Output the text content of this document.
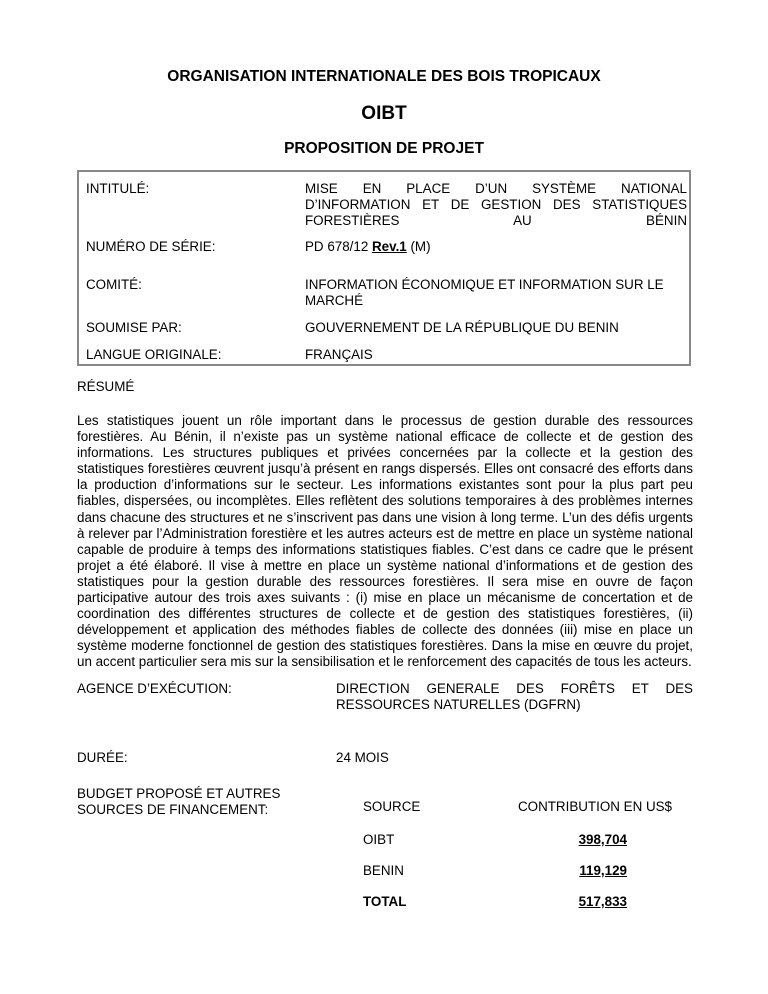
ORGANISATION INTERNATIONALE DES BOIS TROPICAUX
OIBT
PROPOSITION DE PROJET
INTITULÉ:	MISE EN PLACE D’UN SYSTÈME NATIONAL D’INFORMATION ET DE GESTION DES STATISTIQUES FORESTIÈRES AU BÉNIN
NUMÉRO DE SÉRIE:	PD 678/12 Rev.1 (M)
COMITÉ:	INFORMATION ÉCONOMIQUE ET INFORMATION SUR LE MARCHÉ
SOUMISE PAR:	GOUVERNEMENT DE LA RÉPUBLIQUE DU BENIN
LANGUE ORIGINALE:	FRANÇAIS
RÉSUMÉ

Les statistiques jouent un rôle important dans le processus de gestion durable des ressources forestières. Au Bénin, il n’existe pas un système national efficace de collecte et de gestion des informations. Les structures publiques et privées concernées par la collecte et la gestion des statistiques forestières œuvrent jusqu’à présent en rangs dispersés. Elles ont consacré des efforts dans la production d’informations sur le secteur. Les informations existantes sont pour la plus part peu fiables, dispersées, ou incomplètes. Elles reflètent des solutions temporaires à des problèmes internes dans chacune des structures et ne s’inscrivent pas dans une vision à long terme. L’un des défis urgents à relever par l’Administration forestière et les autres acteurs est de mettre en place un système national capable de produire à temps des informations statistiques fiables. C’est dans ce cadre que le présent projet a été élaboré. Il vise à mettre en place un système national d’informations et de gestion des statistiques pour la gestion durable des ressources forestières. Il sera mise en ouvre de façon participative autour des trois axes suivants : (i) mise en place un mécanisme de concertation et de coordination des différentes structures de collecte et de gestion des statistiques forestières, (ii) développement et application des méthodes fiables de collecte des données (iii) mise en place un système moderne fonctionnel de gestion des statistiques forestières. Dans la mise en œuvre du projet, un accent particulier sera mis sur la sensibilisation et le renforcement des capacités de tous les acteurs.

AGENCE D’EXÉCUTION:	DIRECTION GENERALE DES FORÊTS ET DES
RESSOURCES NATURELLES (DGFRN)
DURÉE:	24 MOIS
BUDGET PROPOSÉ ET AUTRES
SOURCES DE FINANCEMENT:	SOURCE	CONTRIBUTION EN US$
OIBT	398,704
BENIN	119,129
TOTAL	517,833
